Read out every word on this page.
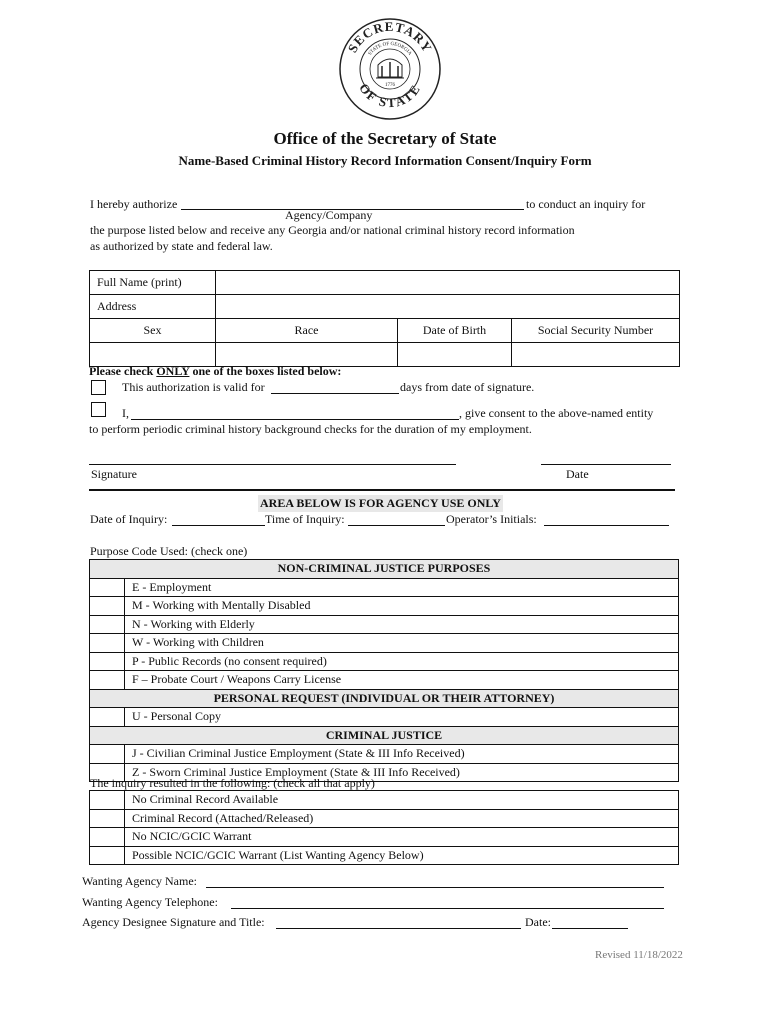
SECRETARY
OF STATE
STATE OF GEORGIA
1776
Office of the Secretary of State
Name-Based Criminal History Record Information Consent/Inquiry Form
I hereby authorize	to conduct an inquiry for
Agency/Company
the purpose listed below and receive any Georgia and/or national criminal history record information
as authorized by state and federal law.
Full Name (print)			
Address			
Sex	Race	Date of Birth	Social Security Number

Please check ONLY one of the boxes listed below:
This authorization is valid for	days from date of signature.
I,	, give consent to the above-named entity
to perform periodic criminal history background checks for the duration of my employment.
Signature	Date
AREA BELOW IS FOR AGENCY USE ONLY
Date of Inquiry:	Time of Inquiry:	Operator’s Initials:
Purpose Code Used: (check one)
NON-CRIMINAL JUSTICE PURPOSES	
	E - Employment
	M - Working with Mentally Disabled
	N - Working with Elderly
	W - Working with Children
	P - Public Records (no consent required)
	F – Probate Court / Weapons Carry License
PERSONAL REQUEST (INDIVIDUAL OR THEIR ATTORNEY)	
	U - Personal Copy
CRIMINAL JUSTICE	
	J - Civilian Criminal Justice Employment (State & III Info Received)
	Z - Sworn Criminal Justice Employment (State & III Info Received)
The inquiry resulted in the following: (check all that apply)
	No Criminal Record Available
	Criminal Record (Attached/Released)
	No NCIC/GCIC Warrant
	Possible NCIC/GCIC Warrant (List Wanting Agency Below)
Wanting Agency Name:
Wanting Agency Telephone:
Agency Designee Signature and Title:	Date:
Revised 11/18/2022
